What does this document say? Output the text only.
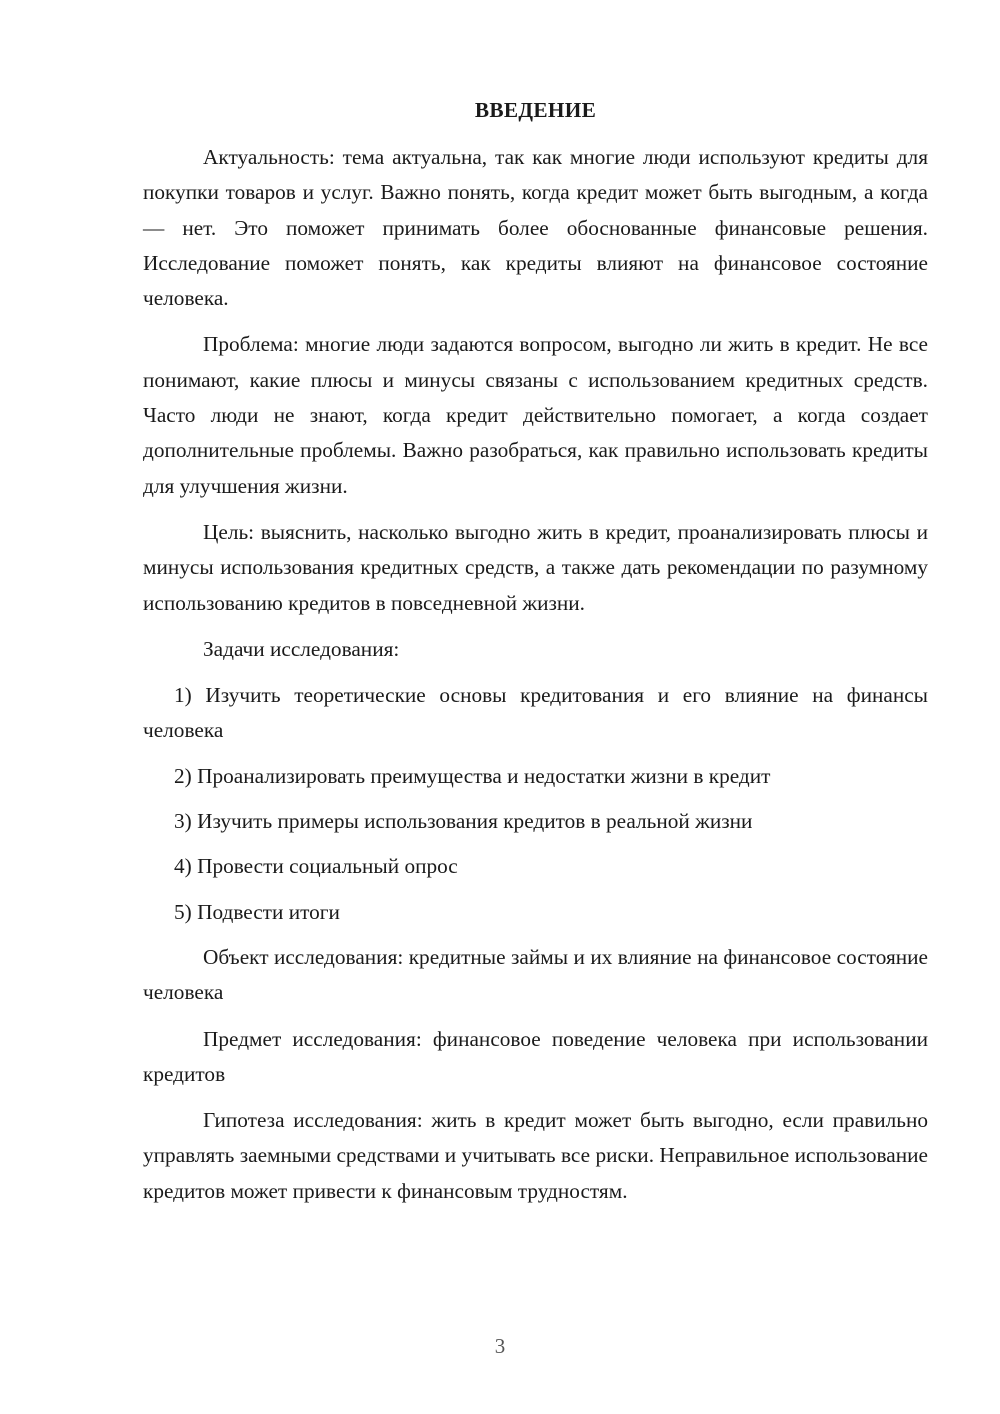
ВВЕДЕНИЕ

Актуальность: тема актуальна, так как многие люди используют кредиты для покупки товаров и услуг. Важно понять, когда кредит может быть выгодным, а когда — нет. Это поможет принимать более обоснованные финансовые решения. Исследование поможет понять, как кредиты влияют на финансовое состояние человека.

Проблема: многие люди задаются вопросом, выгодно ли жить в кредит. Не все понимают, какие плюсы и минусы связаны с использованием кредитных средств. Часто люди не знают, когда кредит действительно помогает, а когда создает дополнительные проблемы. Важно разобраться, как правильно использовать кредиты для улучшения жизни.

Цель: выяснить, насколько выгодно жить в кредит, проанализировать плюсы и минусы использования кредитных средств, а также дать рекомендации по разумному использованию кредитов в повседневной жизни.

Задачи исследования:

1) Изучить теоретические основы кредитования и его влияние на финансы человека

2) Проанализировать преимущества и недостатки жизни в кредит

3) Изучить примеры использования кредитов в реальной жизни

4) Провести социальный опрос

5) Подвести итоги

Объект исследования: кредитные займы и их влияние на финансовое состояние человека

Предмет исследования: финансовое поведение человека при использовании кредитов

Гипотеза исследования: жить в кредит может быть выгодно, если правильно управлять заемными средствами и учитывать все риски. Неправильное использование кредитов может привести к финансовым трудностям.

3
